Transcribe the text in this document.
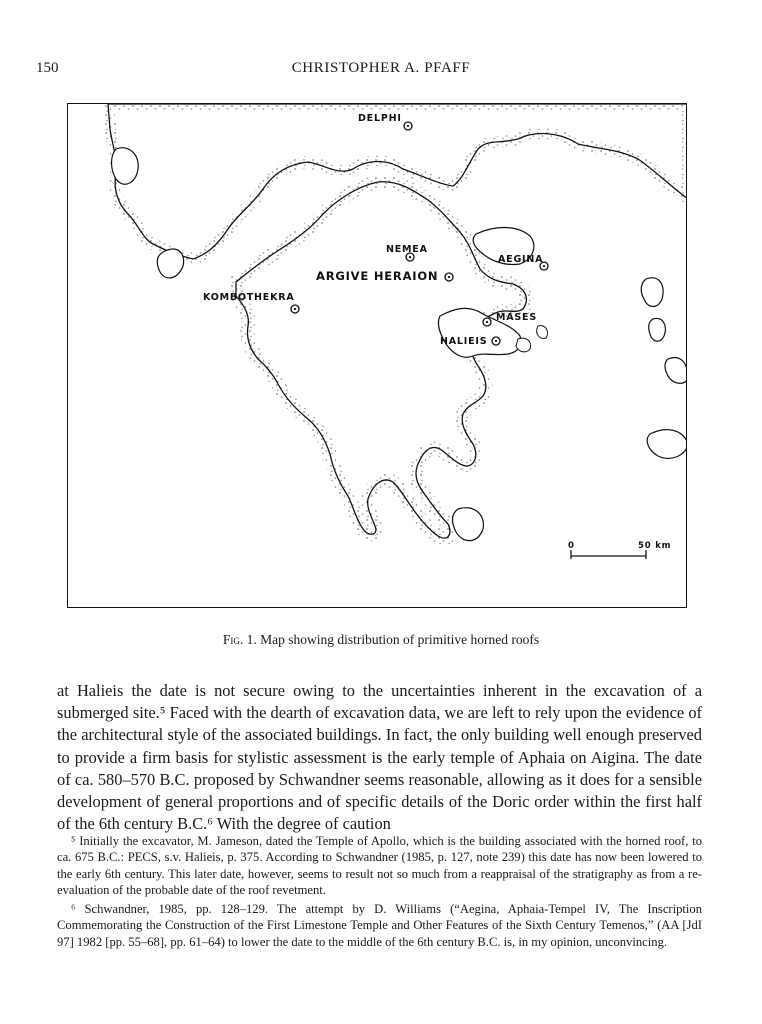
150	CHRISTOPHER A. PFAFF
DELPHI
NEMEA
AEGINA
ARGIVE HERAION
KOMBOTHEKRA
MASES
HALIEIS
0	50 km
Fig. 1. Map showing distribution of primitive horned roofs

at Halieis the date is not secure owing to the uncertainties inherent in the excavation of a submerged site.⁵ Faced with the dearth of excavation data, we are left to rely upon the evidence of the architectural style of the associated buildings. In fact, the only building well enough preserved to provide a firm basis for stylistic assessment is the early temple of Aphaia on Aigina. The date of ca. 580–570 B.C. proposed by Schwandner seems reasonable, allowing as it does for a sensible development of general proportions and of specific details of the Doric order within the first half of the 6th century B.C.⁶ With the degree of caution

⁵ Initially the excavator, M. Jameson, dated the Temple of Apollo, which is the building associated with the horned roof, to ca. 675 B.C.: PECS, s.v. Halieis, p. 375. According to Schwandner (1985, p. 127, note 239) this date has now been lowered to the early 6th century. This later date, however, seems to result not so much from a reappraisal of the stratigraphy as from a re-evaluation of the probable date of the roof revetment.

⁶ Schwandner, 1985, pp. 128–129. The attempt by D. Williams (“Aegina, Aphaia-Tempel IV, The Inscription Commemorating the Construction of the First Limestone Temple and Other Features of the Sixth Century Temenos,” (AA [JdI 97] 1982 [pp. 55–68], pp. 61–64) to lower the date to the middle of the 6th century B.C. is, in my opinion, unconvincing.
